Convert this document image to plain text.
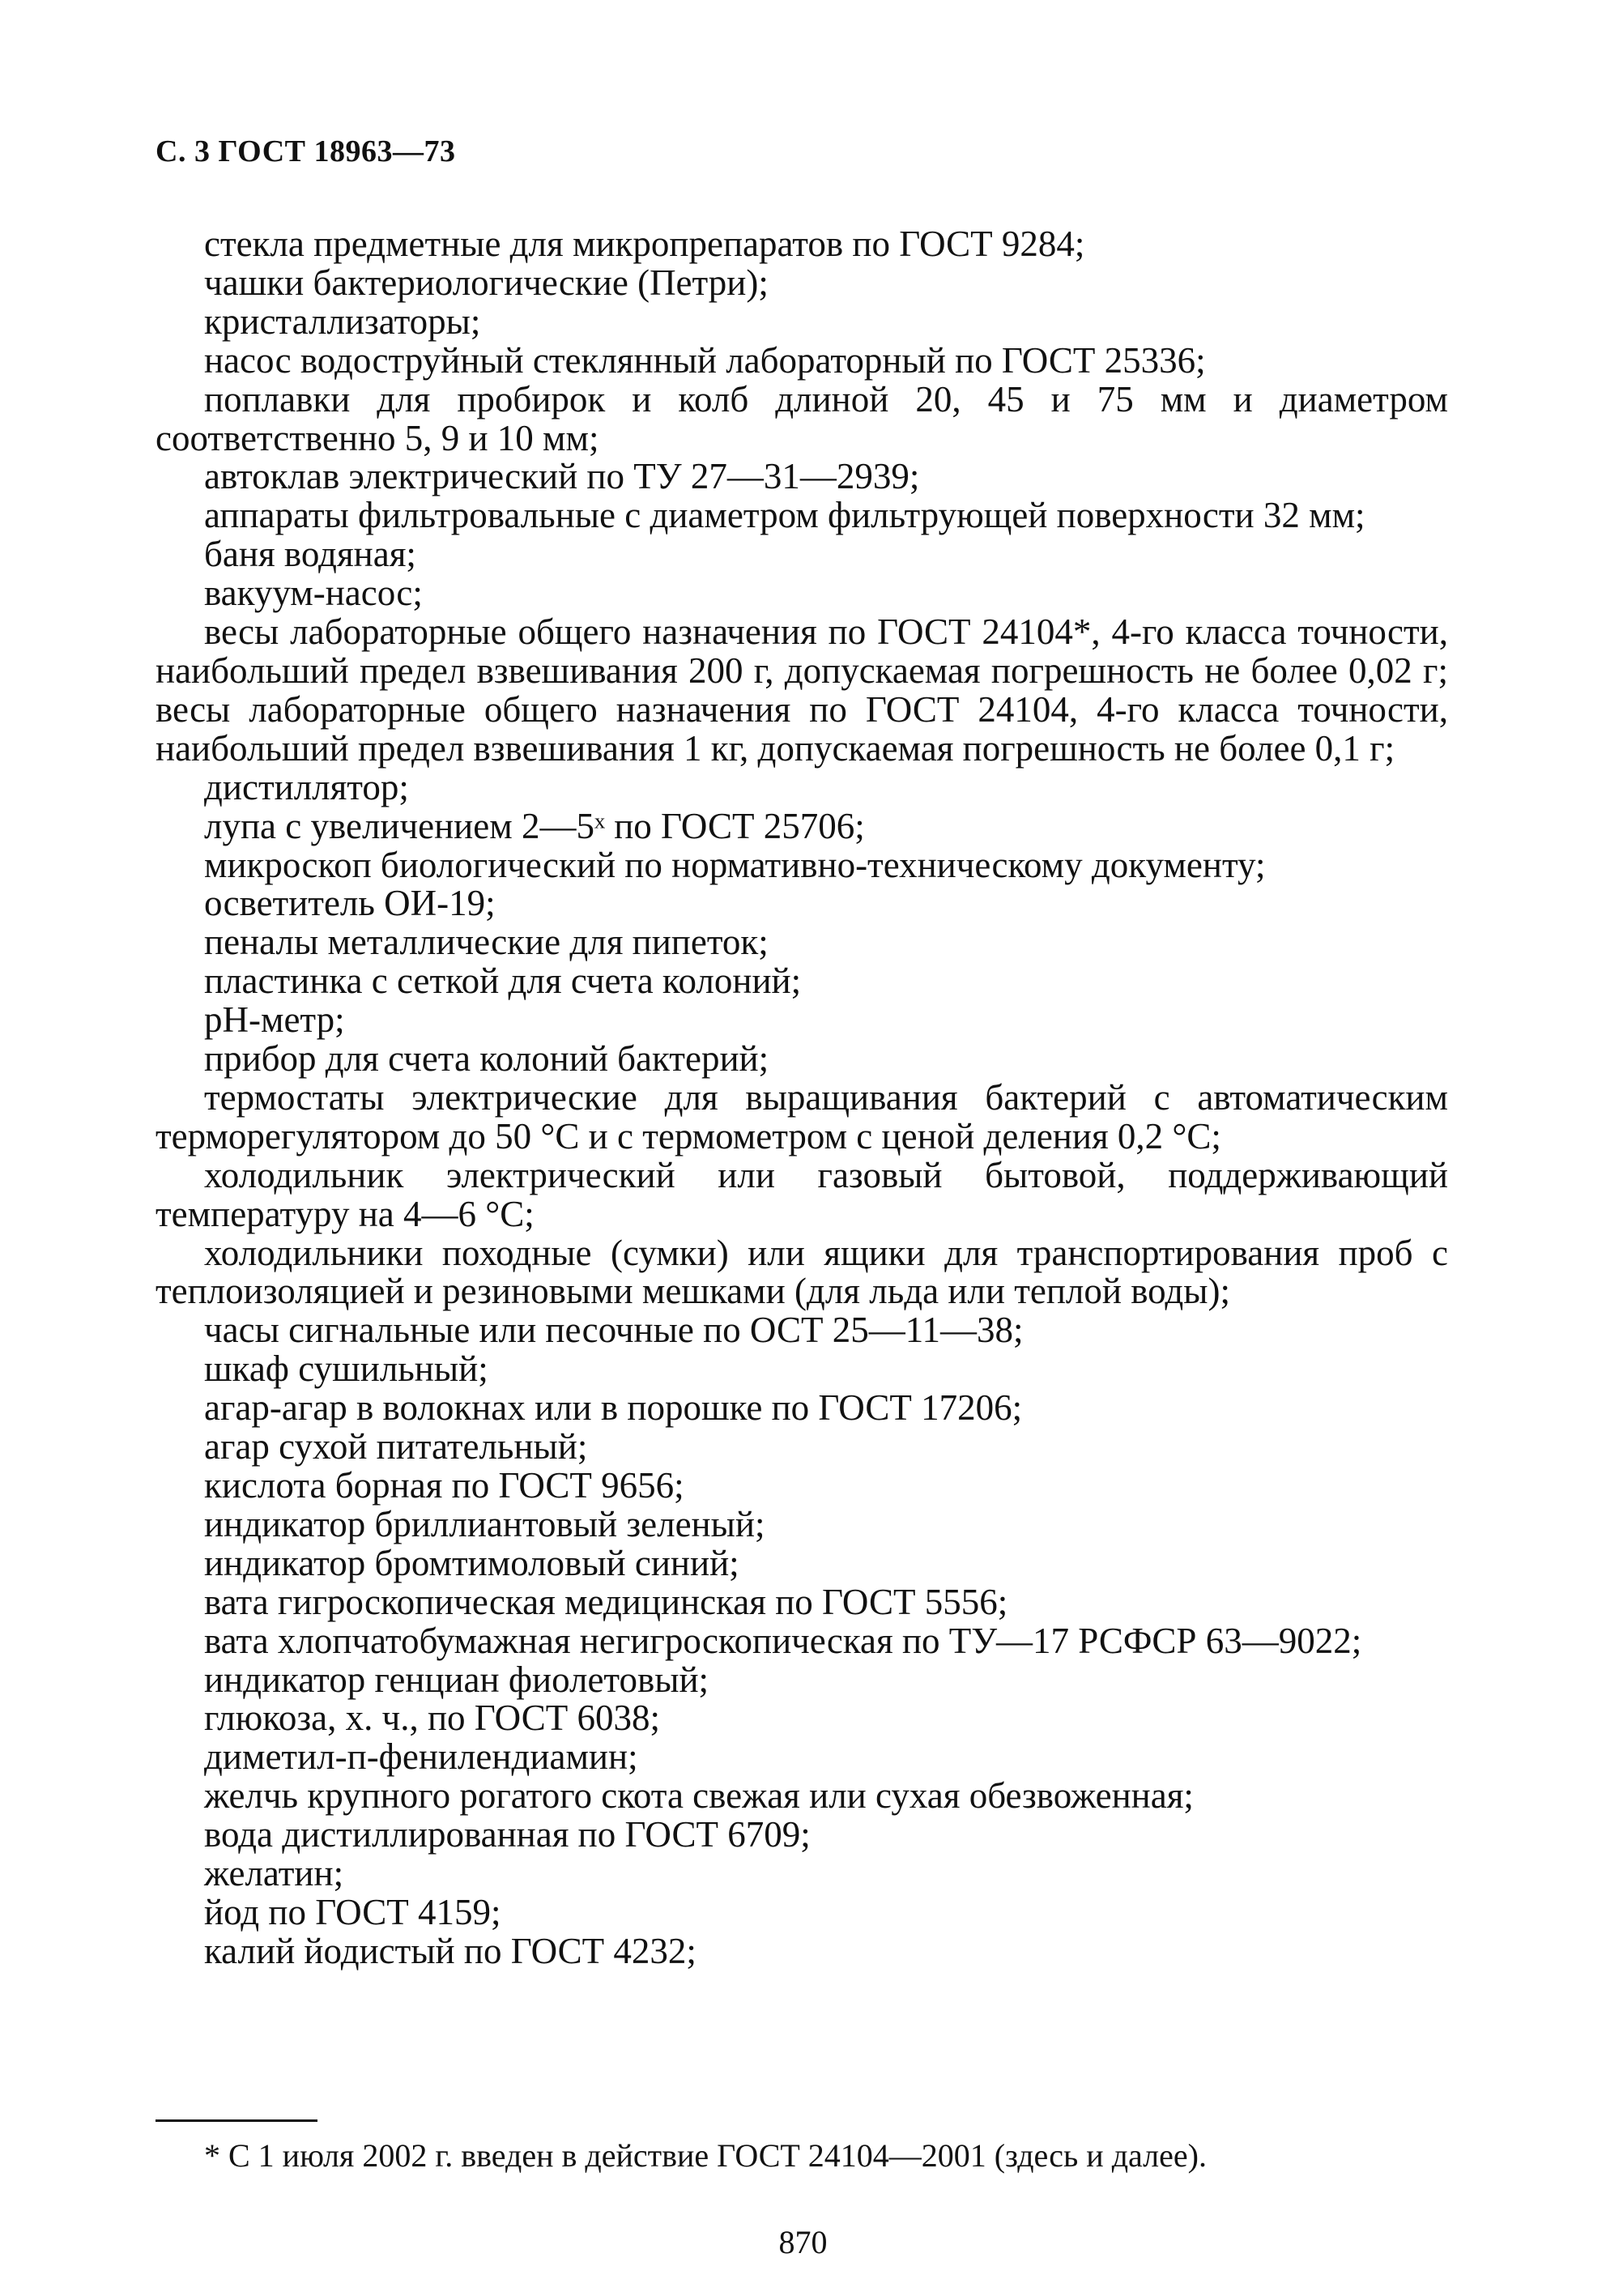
С. 3 ГОСТ 18963—73

стекла предметные для микропрепаратов по ГОСТ 9284;

чашки бактериологические (Петри);

кристаллизаторы;

насос водоструйный стеклянный лабораторный по ГОСТ 25336;

поплавки для пробирок и колб длиной 20, 45 и 75 мм и диаметром соответственно 5, 9 и 10 мм;

автоклав электрический по ТУ 27—31—2939;

аппараты фильтровальные с диаметром фильтрующей поверхности 32 мм;

баня водяная;

вакуум-насос;

весы лабораторные общего назначения по ГОСТ 24104*, 4-го класса точности, наибольший предел взвешивания 200 г, допускаемая погрешность не более 0,02 г; весы лабораторные общего назначения по ГОСТ 24104, 4-го класса точности, наибольший предел взвешивания 1 кг, допускаемая погрешность не более 0,1 г;

дистиллятор;

лупа с увеличением 2—5ˣ по ГОСТ 25706;

микроскоп биологический по нормативно-техническому документу;

осветитель ОИ-19;

пеналы металлические для пипеток;

пластинка с сеткой для счета колоний;

рН-метр;

прибор для счета колоний бактерий;

термостаты электрические для выращивания бактерий с автоматическим терморегулятором до 50 °С и с термометром с ценой деления 0,2 °С;

холодильник электрический или газовый бытовой, поддерживающий температуру на 4—6 °С;

холодильники походные (сумки) или ящики для транспортирования проб с теплоизоляцией и резиновыми мешками (для льда или теплой воды);

часы сигнальные или песочные по ОСТ 25—11—38;

шкаф сушильный;

агар-агар в волокнах или в порошке по ГОСТ 17206;

агар сухой питательный;

кислота борная по ГОСТ 9656;

индикатор бриллиантовый зеленый;

индикатор бромтимоловый синий;

вата гигроскопическая медицинская по ГОСТ 5556;

вата хлопчатобумажная негигроскопическая по ТУ—17 РСФСР 63—9022;

индикатор генциан фиолетовый;

глюкоза, х. ч., по ГОСТ 6038;

диметил-п-фенилендиамин;

желчь крупного рогатого скота свежая или сухая обезвоженная;

вода дистиллированная по ГОСТ 6709;

желатин;

йод по ГОСТ 4159;

калий йодистый по ГОСТ 4232;

* С 1 июля 2002 г. введен в действие ГОСТ 24104—2001 (здесь и далее).
870
